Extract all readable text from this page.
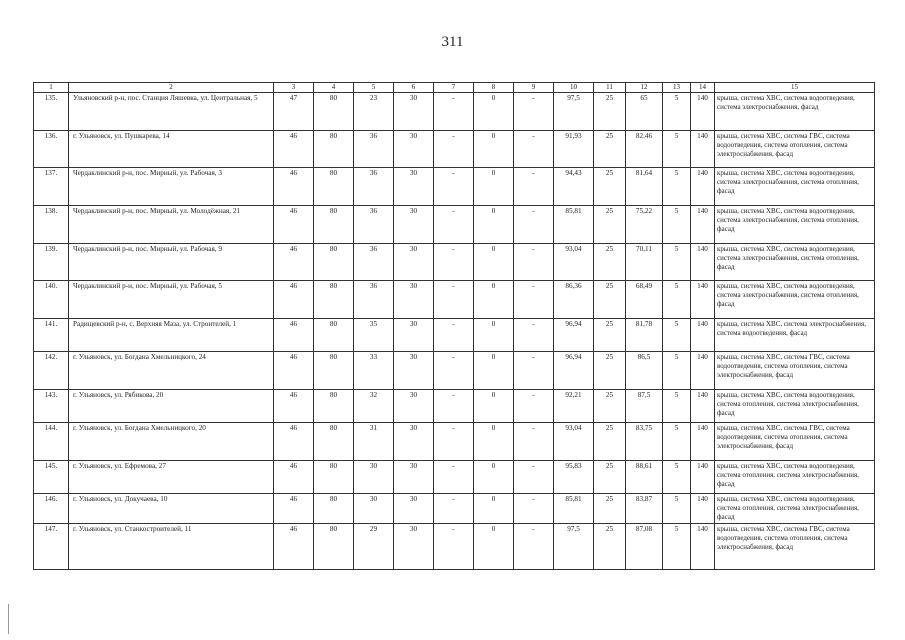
311
1	2	3	4	5	6	7	8	9	10	11	12	13	14	15
135.	Ульяновский р-н, пос. Станция Ляшевка, ул. Центральная, 5	47	80	23	30	-	0	-	97,5	25	65	5	140	крыша, система ХВС, система водоотведения, система электроснабжения, фасад
136.	г. Ульяновск, ул. Пушкарева, 14	46	80	36	30	-	0	-	91,93	25	82,46	5	140	крыша, система ХВС, система ГВС, система водоотведения, система отопления, система электроснабжения, фасад
137.	Чердаклинский р-н, пос. Мирный, ул. Рабочая, 3	46	80	36	30	-	0	-	94,43	25	81,64	5	140	крыша, система ХВС, система водоотведения, система электроснабжения, система отопления, фасад
138.	Чердаклинский р-н, пос. Мирный, ул. Молодёжная, 21	46	80	36	30	-	0	-	85,81	25	75,22	5	140	крыша, система ХВС, система водоотведения, система электроснабжения, система отопления, фасад
139.	Чердаклинский р-н, пос. Мирный, ул. Рабочая, 9	46	80	36	30	-	0	-	93,04	25	70,11	5	140	крыша, система ХВС, система водоотведения, система электроснабжения, система отопления, фасад
140.	Чердаклинский р-н, пос. Мирный, ул. Рабочая, 5	46	80	36	30	-	0	-	86,36	25	68,49	5	140	крыша, система ХВС, система водоотведения, система электроснабжения, система отопления, фасад
141.	Радищевский р-н, с. Верхняя Маза, ул. Строителей, 1	46	80	35	30	-	0	-	96,94	25	81,78	5	140	крыша, система ХВС, система электроснабжения, система водоотведения, фасад
142.	г. Ульяновск, ул. Богдана Хмельницкого, 24	46	80	33	30	-	0	-	96,94	25	86,5	5	140	крыша, система ХВС, система ГВС, система водоотведения, система отопления, система электроснабжения, фасад
143.	г. Ульяновск, ул. Рябикова, 20	46	80	32	30	-	0	-	92,21	25	87,5	5	140	крыша, система ХВС, система водоотведения, система отопления, система электроснабжения, фасад
144.	г. Ульяновск, ул. Богдана Хмельницкого, 20	46	80	31	30	-	0	-	93,04	25	83,75	5	140	крыша, система ХВС, система ГВС, система водоотведения, система отопления, система электроснабжения, фасад
145.	г. Ульяновск, ул. Ефремова, 27	46	80	30	30	-	0	-	95,83	25	88,61	5	140	крыша, система ХВС, система водоотведения, система отопления, система электроснабжения, фасад
146.	г. Ульяновск, ул. Докучаева, 10	46	80	30	30	-	0	-	85,81	25	83,87	5	140	крыша, система ХВС, система водоотведения, система отопления, система электроснабжения, фасад
147.	г. Ульяновск, ул. Станкостроителей, 11	46	80	29	30	-	0	-	97,5	25	87,08	5	140	крыша, система ХВС, система ГВС, система водоотведения, система отопления, система электроснабжения, фасад
